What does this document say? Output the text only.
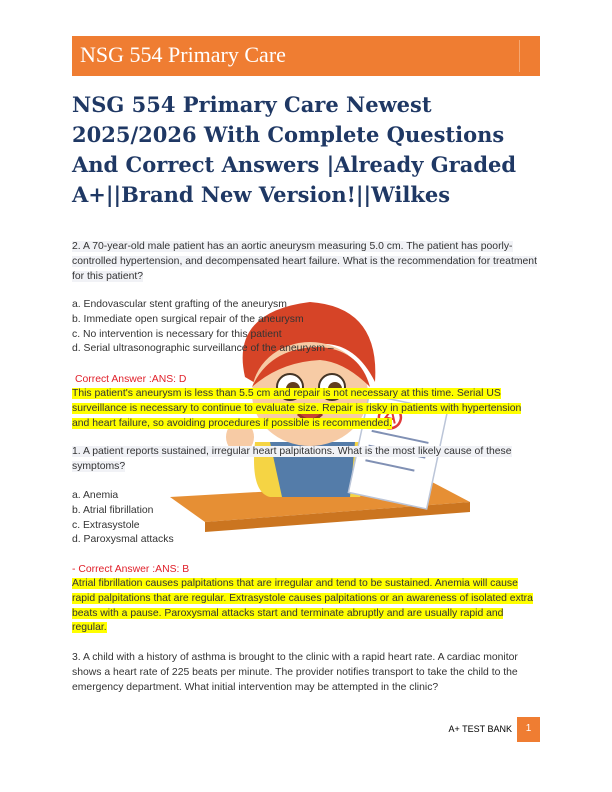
NSG 554 Primary Care
NSG 554 Primary Care Newest 2025/2026 With Complete Questions And Correct Answers |Already Graded A+||Brand New Version!||Wilkes

2. A 70-year-old male patient has an aortic aneurysm measuring 5.0 cm. The patient has poorly-controlled hypertension, and decompensated heart failure. What is the recommendation for treatment for this patient?

a. Endovascular stent grafting of the aneurysm
b. Immediate open surgical repair of the aneurysm
c. No intervention is necessary for this patient
d. Serial ultrasonographic surveillance of the aneurysm –

Correct Answer :ANS: D

This patient's aneurysm is less than 5.5 cm and repair is not necessary at this time. Serial US surveillance is necessary to continue to evaluate size. Repair is risky in patients with hypertension and heart failure, so avoiding procedures if possible is recommended.

1. A patient reports sustained, irregular heart palpitations. What is the most likely cause of these symptoms?

a. Anemia
b. Atrial fibrillation
c. Extrasystole
d. Paroxysmal attacks

- Correct Answer :ANS: B

Atrial fibrillation causes palpitations that are irregular and tend to be sustained. Anemia will cause rapid palpitations that are regular. Extrasystole causes palpitations or an awareness of isolated extra beats with a pause. Paroxysmal attacks start and terminate abruptly and are usually rapid and regular.

3. A child with a history of asthma is brought to the clinic with a rapid heart rate. A cardiac monitor shows a heart rate of 225 beats per minute. The provider notifies transport to take the child to the emergency department. What initial intervention may be attempted in the clinic?

A+ TEST BANK	1
